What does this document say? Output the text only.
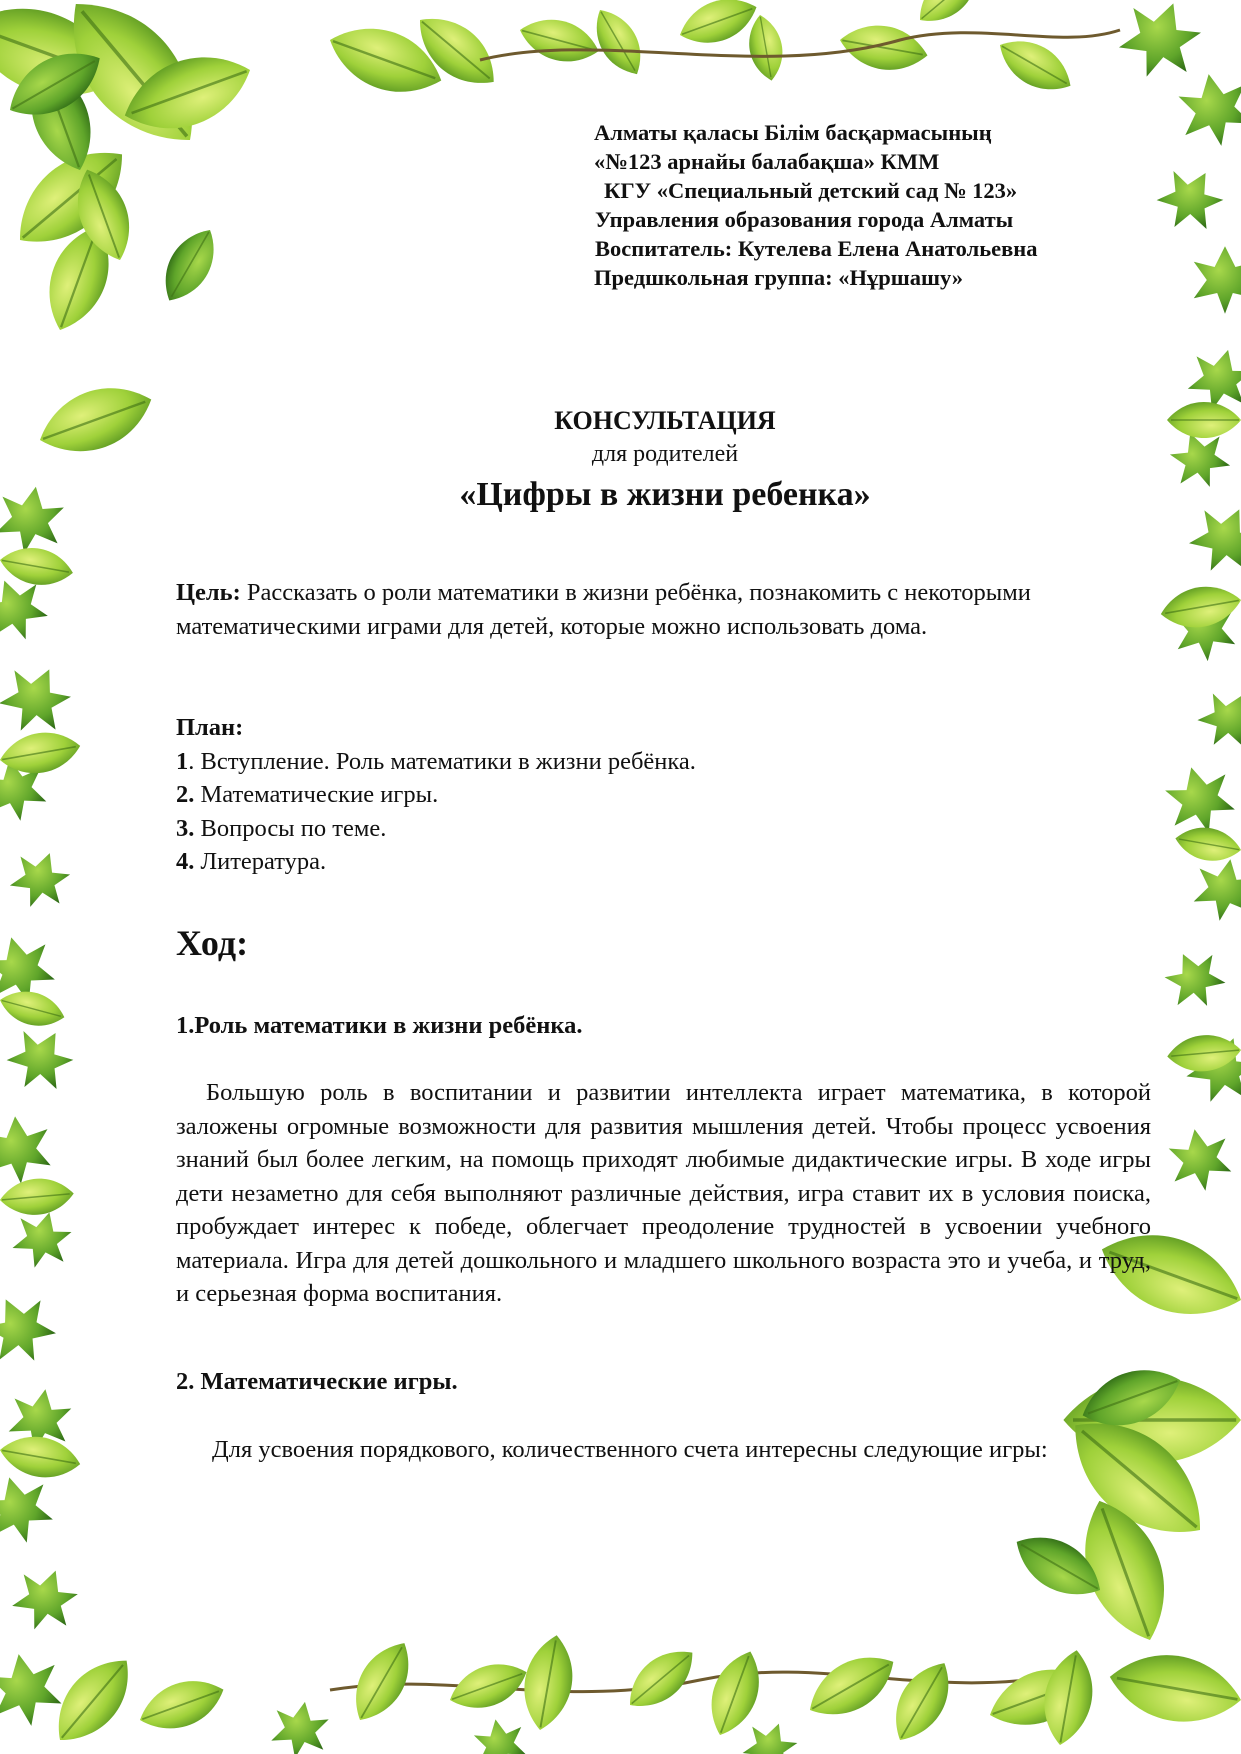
Алматы қаласы Білім басқармасының
«№123 арнайы балабақша» КММ
КГУ «Специальный детский сад № 123»
Управления образования города Алматы
Воспитатель: Кутелева Елена Анатольевна
Предшкольная группа: «Нұршашу»
КОНСУЛЬТАЦИЯ
для родителей
«Цифры в жизни ребенка»
Цель: Рассказать о роли математики в жизни ребёнка, познакомить с некоторыми математическими играми для детей, которые можно использовать дома.
План:
1. Вступление. Роль математики в жизни ребёнка.
2. Математические игры.
3. Вопросы по теме.
4. Литература.
Ход:
1.Роль математики в жизни ребёнка.
Большую роль в воспитании и развитии интеллекта играет математика, в которой заложены огромные возможности для развития мышления детей. Чтобы процесс усвоения знаний был более легким, на помощь приходят любимые дидактические игры. В ходе игры дети незаметно для себя выполняют различные действия, игра ставит их в условия поиска, пробуждает интерес к победе, облегчает преодоление трудностей в усвоении учебного материала. Игра для детей дошкольного и младшего школьного возраста это и учеба, и труд, и серьезная форма воспитания.
2. Математические игры.
Для усвоения порядкового, количественного счета интересны следующие игры:
